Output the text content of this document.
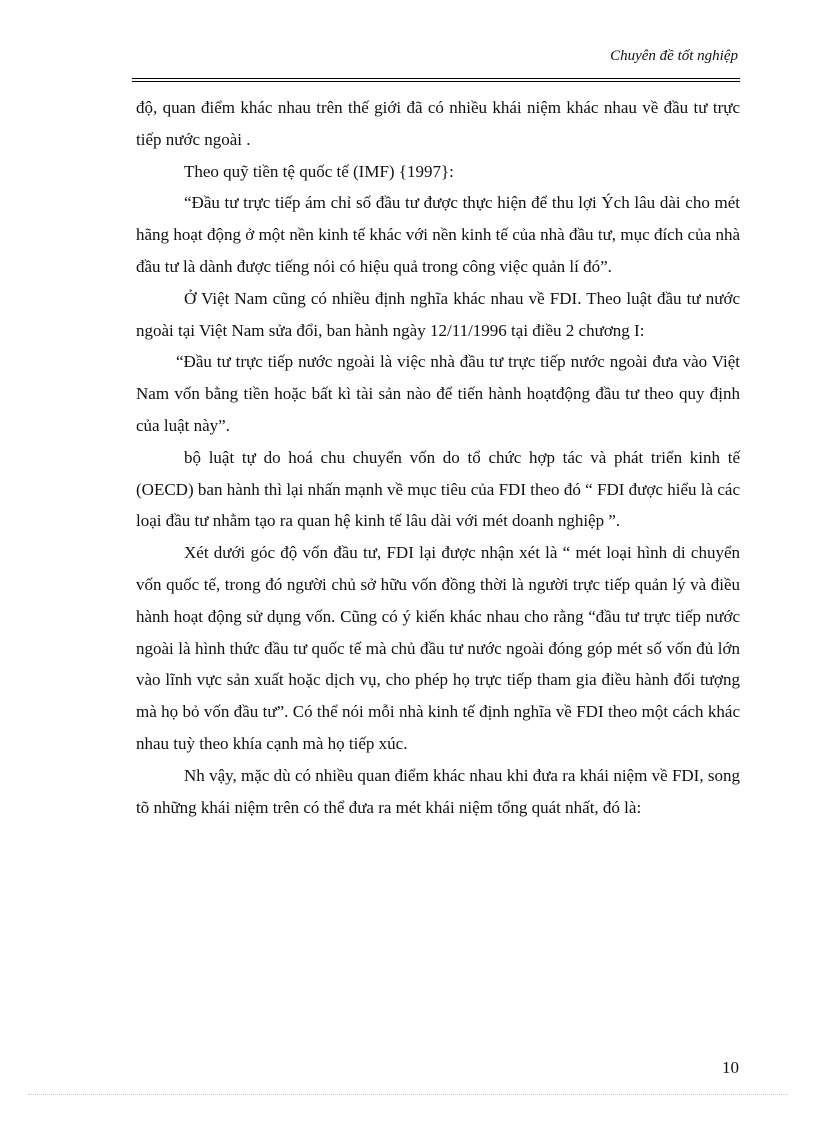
Chuyên đề tốt nghiệp

độ, quan điểm khác nhau trên thế giới đã có nhiều khái niệm khác nhau về đầu tư trực tiếp nước ngoài .

Theo quỹ tiền tệ quốc tế (IMF) {1997}:

“Đầu tư trực tiếp ám chỉ số đầu tư được thực hiện để thu lợi Ých lâu dài cho mét hãng hoạt động ở một nền kinh tế khác với nền kinh tế của nhà đầu tư, mục đích của nhà đầu tư là dành được tiếng nói có hiệu quả trong công việc quản lí đó”.

Ở Việt Nam cũng có nhiều định nghĩa khác nhau về FDI. Theo luật đầu tư nước ngoài tại Việt Nam sửa đổi, ban hành ngày 12/11/1996 tại điều 2 chương I:

“Đầu tư trực tiếp nước ngoài là việc nhà đầu tư trực tiếp nước ngoài đưa vào Việt Nam vốn bằng tiền hoặc bất kì tài sản nào để tiến hành hoạtđộng đầu tư theo quy định của luật này”.

bộ luật tự do hoá chu chuyển vốn do tổ chức hợp tác và phát triển kinh tế (OECD) ban hành thì lại nhấn mạnh về mục tiêu của FDI theo đó “ FDI được hiểu là các loại đầu tư nhằm tạo ra quan hệ kinh tế lâu dài với mét doanh nghiệp ”.

Xét dưới góc độ vốn đầu tư, FDI lại được nhận xét là “ mét loại hình di chuyển vốn quốc tế, trong đó người chủ sở hữu vốn đồng thời là người trực tiếp quản lý và điều hành hoạt động sử dụng vốn. Cũng có ý kiến khác nhau cho rằng “đầu tư trực tiếp nước ngoài là hình thức đầu tư quốc tế mà chủ đầu tư nước ngoài đóng góp mét số vốn đủ lớn vào lĩnh vực sản xuất hoặc dịch vụ, cho phép họ trực tiếp tham gia điều hành đối tượng mà họ bỏ vốn đầu tư”. Có thể nói mỗi nhà kinh tế định nghĩa về FDI theo một cách khác nhau tuỳ theo khía cạnh mà họ tiếp xúc.

Nh vậy, mặc dù có nhiều quan điểm khác nhau khi đưa ra khái niệm về FDI, song tõ những khái niệm trên có thể đưa ra mét khái niệm tổng quát nhất, đó là:

10
